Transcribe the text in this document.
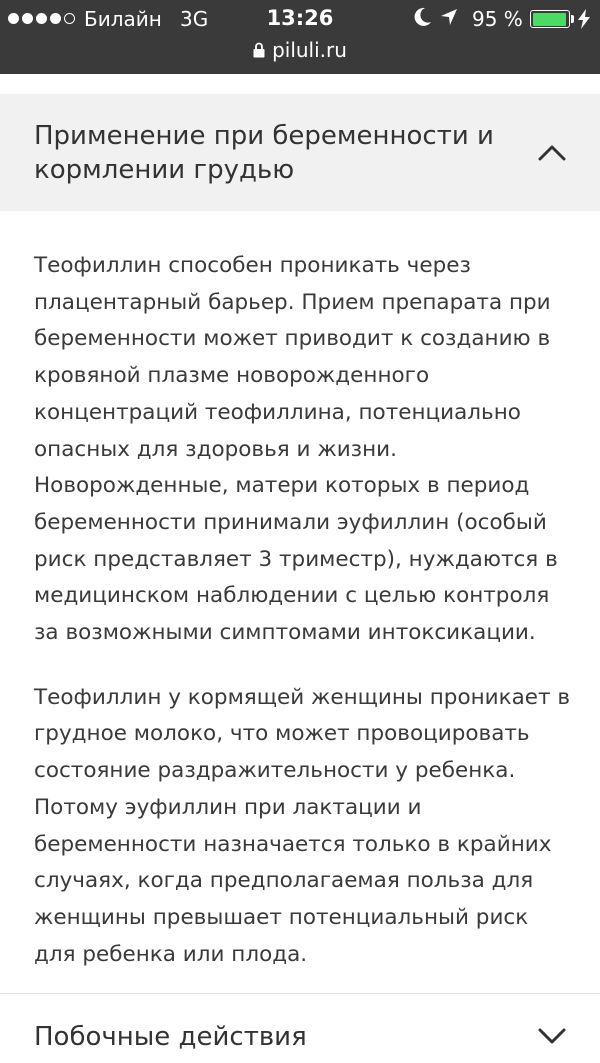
Билайн 3G	13:26	95 %
piluli.ru
Применение при беременности и кормлении грудью

Теофиллин способен проникать через плацентарный барьер. Прием препарата при беременности может приводит к созданию в кровяной плазме новорожденного концентраций теофиллина, потенциально опасных для здоровья и жизни. Новорожденные, матери которых в период беременности принимали эуфиллин (особый риск представляет 3 триместр), нуждаются в медицинском наблюдении с целью контроля за возможными симптомами интоксикации.

Теофиллин у кормящей женщины проникает в грудное молоко, что может провоцировать состояние раздражительности у ребенка. Потому эуфиллин при лактации и беременности назначается только в крайних случаях, когда предполагаемая польза для женщины превышает потенциальный риск для ребенка или плода.

Побочные действия
